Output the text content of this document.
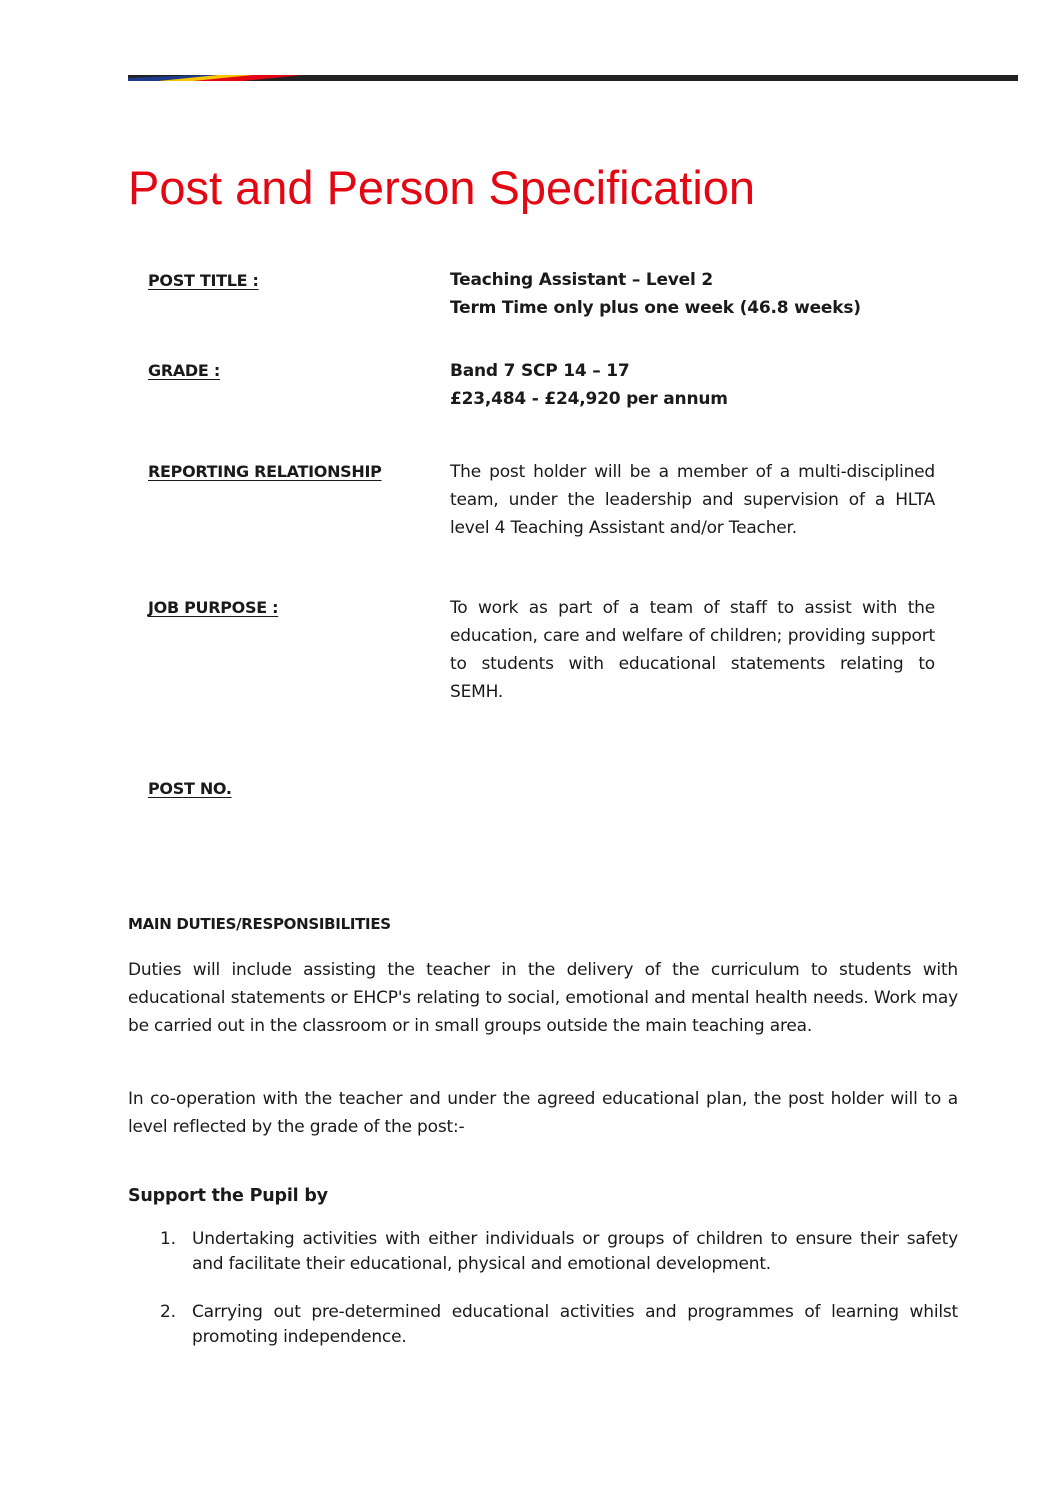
Post and Person Specification
POST TITLE :	Teaching Assistant – Level 2
Term Time only plus one week (46.8 weeks)
GRADE :	Band 7 SCP 14 – 17
£23,484 - £24,920 per annum
REPORTING RELATIONSHIP	The post holder will be a member of a multi-disciplined team, under the leadership and supervision of a HLTA level 4 Teaching Assistant and/or Teacher.
JOB PURPOSE :	To work as part of a team of staff to assist with the education, care and welfare of children; providing support to students with educational statements relating to SEMH.
POST NO.
MAIN DUTIES/RESPONSIBILITIES

Duties will include assisting the teacher in the delivery of the curriculum to students with educational statements or EHCP's relating to social, emotional and mental health needs. Work may be carried out in the classroom or in small groups outside the main teaching area.

In co-operation with the teacher and under the agreed educational plan, the post holder will to a level reflected by the grade of the post:-

Support the Pupil by
1. Undertaking activities with either individuals or groups of children to ensure their safety and facilitate their educational, physical and emotional development.
2. Carrying out pre-determined educational activities and programmes of learning whilst promoting independence.
